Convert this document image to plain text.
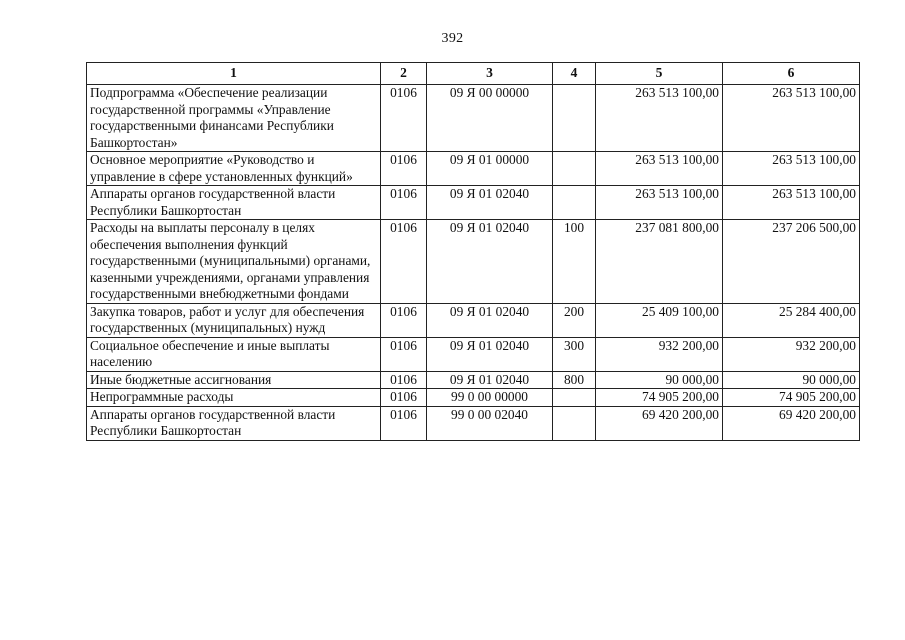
392
1	2	3	4	5	6
Подпрограмма «Обеспечение реализации государственной программы «Управление государственными финансами Республики Башкортостан»	0106	09 Я 00 00000		263 513 100,00	263 513 100,00
Основное мероприятие «Руководство и управление в сфере установленных функций»	0106	09 Я 01 00000		263 513 100,00	263 513 100,00
Аппараты органов государственной власти Республики Башкортостан	0106	09 Я 01 02040		263 513 100,00	263 513 100,00
Расходы на выплаты персоналу в целях обеспечения выполнения функций государственными (муниципальными) органами, казенными учреждениями, органами управления государственными внебюджетными фондами	0106	09 Я 01 02040	100	237 081 800,00	237 206 500,00
Закупка товаров, работ и услуг для обеспечения государственных (муниципальных) нужд	0106	09 Я 01 02040	200	25 409 100,00	25 284 400,00
Социальное обеспечение и иные выплаты населению	0106	09 Я 01 02040	300	932 200,00	932 200,00
Иные бюджетные ассигнования	0106	09 Я 01 02040	800	90 000,00	90 000,00
Непрограммные расходы	0106	99 0 00 00000		74 905 200,00	74 905 200,00
Аппараты органов государственной власти Республики Башкортостан	0106	99 0 00 02040		69 420 200,00	69 420 200,00
